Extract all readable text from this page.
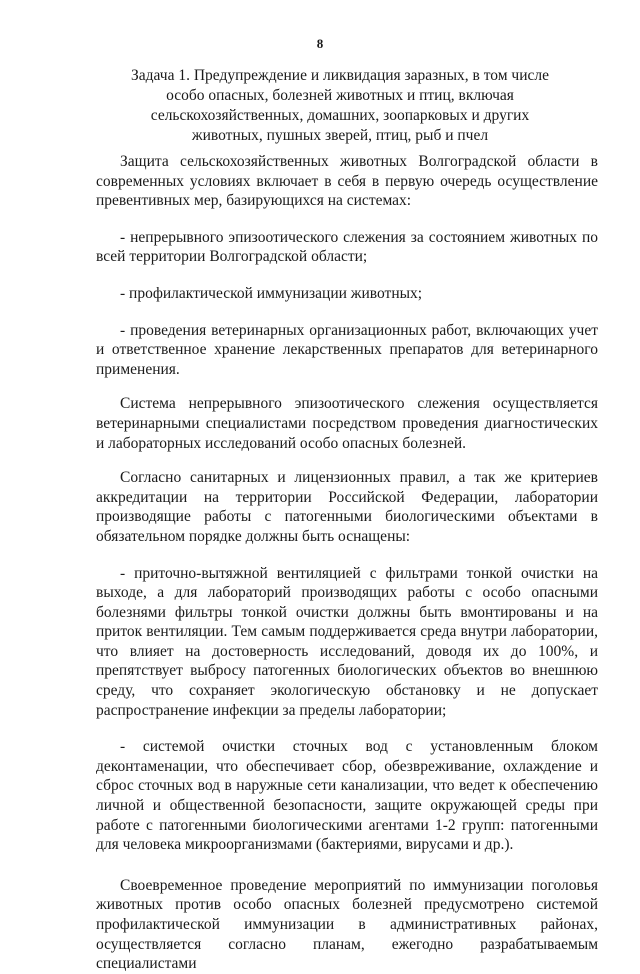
8
Задача 1. Предупреждение и ликвидация заразных, в том числе
особо опасных, болезней животных и птиц, включая
сельскохозяйственных, домашних, зоопарковых и других
животных, пушных зверей, птиц, рыб и пчел

Защита сельскохозяйственных животных Волгоградской области в современных условиях включает в себя в первую очередь осуществление превентивных мер, базирующихся на системах:

- непрерывного эпизоотического слежения за состоянием животных по всей территории Волгоградской области;

- профилактической иммунизации животных;

- проведения ветеринарных организационных работ, включающих учет и ответственное хранение лекарственных препаратов для ветеринарного применения.

Система непрерывного эпизоотического слежения осуществляется ветеринарными специалистами посредством проведения диагностических и лабораторных исследований особо опасных болезней.

Согласно санитарных и лицензионных правил, а так же критериев аккредитации на территории Российской Федерации, лаборатории производящие работы с патогенными биологическими объектами в обязательном порядке должны быть оснащены:

- приточно-вытяжной вентиляцией с фильтрами тонкой очистки на выходе, а для лабораторий производящих работы с особо опасными болезнями фильтры тонкой очистки должны быть вмонтированы и на приток вентиляции. Тем самым поддерживается среда внутри лаборатории, что влияет на достоверность исследований, доводя их до 100%, и препятствует выбросу патогенных биологических объектов во внешнюю среду, что сохраняет экологическую обстановку и не допускает распространение инфекции за пределы лаборатории;

- системой очистки сточных вод с установленным блоком деконтаменации, что обеспечивает сбор, обезвреживание, охлаждение и сброс сточных вод в наружные сети канализации, что ведет к обеспечению личной и общественной безопасности, защите окружающей среды при работе с патогенными биологическими агентами 1-2 групп: патогенными для человека микроорганизмами (бактериями, вирусами и др.).

Своевременное проведение мероприятий по иммунизации поголовья животных против особо опасных болезней предусмотрено системой профилактической иммунизации в административных районах, осуществляется согласно планам, ежегодно разрабатываемым специалистами
